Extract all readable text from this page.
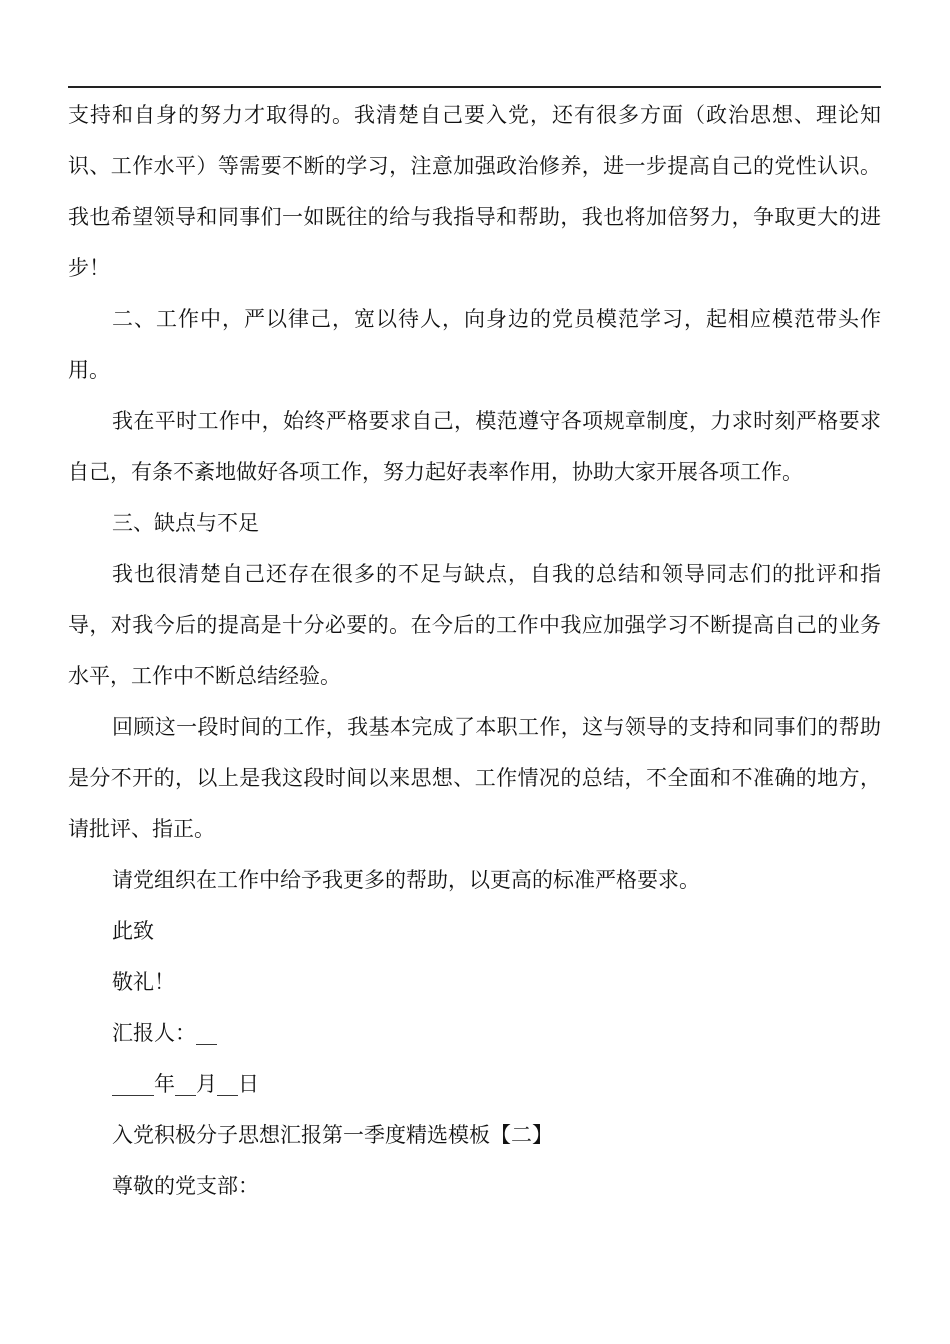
支持和自身的努力才取得的。我清楚自己要入党，还有很多方面（政治思想、理论知识、工作水平）等需要不断的学习，注意加强政治修养，进一步提高自己的党性认识。我也希望领导和同事们一如既往的给与我指导和帮助，我也将加倍努力，争取更大的进步！

二、工作中，严以律己，宽以待人，向身边的党员模范学习，起相应模范带头作用。

我在平时工作中，始终严格要求自己，模范遵守各项规章制度，力求时刻严格要求自己，有条不紊地做好各项工作，努力起好表率作用，协助大家开展各项工作。

三、缺点与不足

我也很清楚自己还存在很多的不足与缺点，自我的总结和领导同志们的批评和指导，对我今后的提高是十分必要的。在今后的工作中我应加强学习不断提高自己的业务水平，工作中不断总结经验。

回顾这一段时间的工作，我基本完成了本职工作，这与领导的支持和同事们的帮助是分不开的，以上是我这段时间以来思想、工作情况的总结，不全面和不准确的地方，请批评、指正。

请党组织在工作中给予我更多的帮助，以更高的标准严格要求。

此致

敬礼！

汇报人：__

____年__月__日

入党积极分子思想汇报第一季度精选模板【二】

尊敬的党支部：
